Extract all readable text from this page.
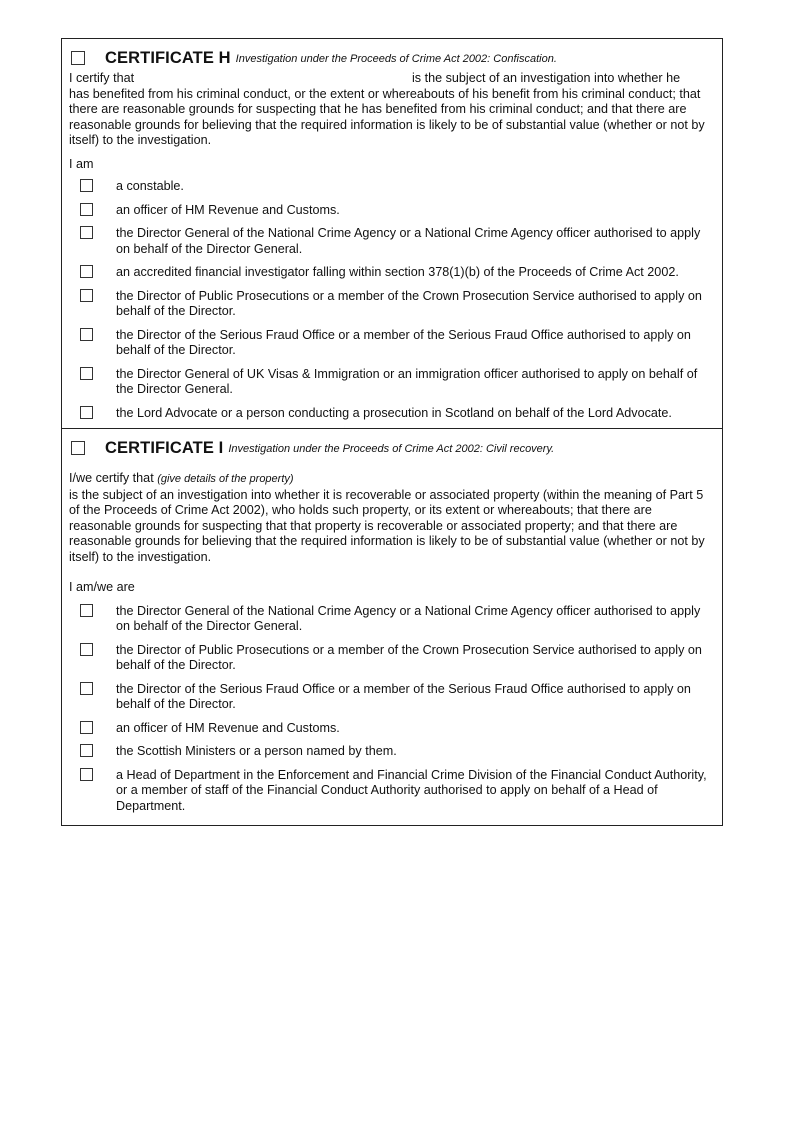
CERTIFICATE H Investigation under the Proceeds of Crime Act 2002: Confiscation.
I certify that	is the subject of an investigation into whether he

has benefited from his criminal conduct, or the extent or whereabouts of his benefit from his criminal conduct; that there are reasonable grounds for suspecting that he has benefited from his criminal conduct; and that there are reasonable grounds for believing that the required information is likely to be of substantial value (whether or not by itself) to the investigation.

I am
a constable.
an officer of HM Revenue and Customs.
the Director General of the National Crime Agency or a National Crime Agency officer authorised to apply on behalf of the Director General.
an accredited financial investigator falling within section 378(1)(b) of the Proceeds of Crime Act 2002.
the Director of Public Prosecutions or a member of the Crown Prosecution Service authorised to apply on behalf of the Director.
the Director of the Serious Fraud Office or a member of the Serious Fraud Office authorised to apply on behalf of the Director.
the Director General of UK Visas & Immigration or an immigration officer authorised to apply on behalf of the Director General.
the Lord Advocate or a person conducting a prosecution in Scotland on behalf of the Lord Advocate.
CERTIFICATE I Investigation under the Proceeds of Crime Act 2002: Civil recovery.
I/we certify that (give details of the property)

is the subject of an investigation into whether it is recoverable or associated property (within the meaning of Part 5 of the Proceeds of Crime Act 2002), who holds such property, or its extent or whereabouts; that there are reasonable grounds for suspecting that that property is recoverable or associated property; and that there are reasonable grounds for believing that the required information is likely to be of substantial value (whether or not by itself) to the investigation.

I am/we are
the Director General of the National Crime Agency or a National Crime Agency officer authorised to apply on behalf of the Director General.
the Director of Public Prosecutions or a member of the Crown Prosecution Service authorised to apply on behalf of the Director.
the Director of the Serious Fraud Office or a member of the Serious Fraud Office authorised to apply on behalf of the Director.
an officer of HM Revenue and Customs.
the Scottish Ministers or a person named by them.
a Head of Department in the Enforcement and Financial Crime Division of the Financial Conduct Authority, or a member of staff of the Financial Conduct Authority authorised to apply on behalf of a Head of Department.
